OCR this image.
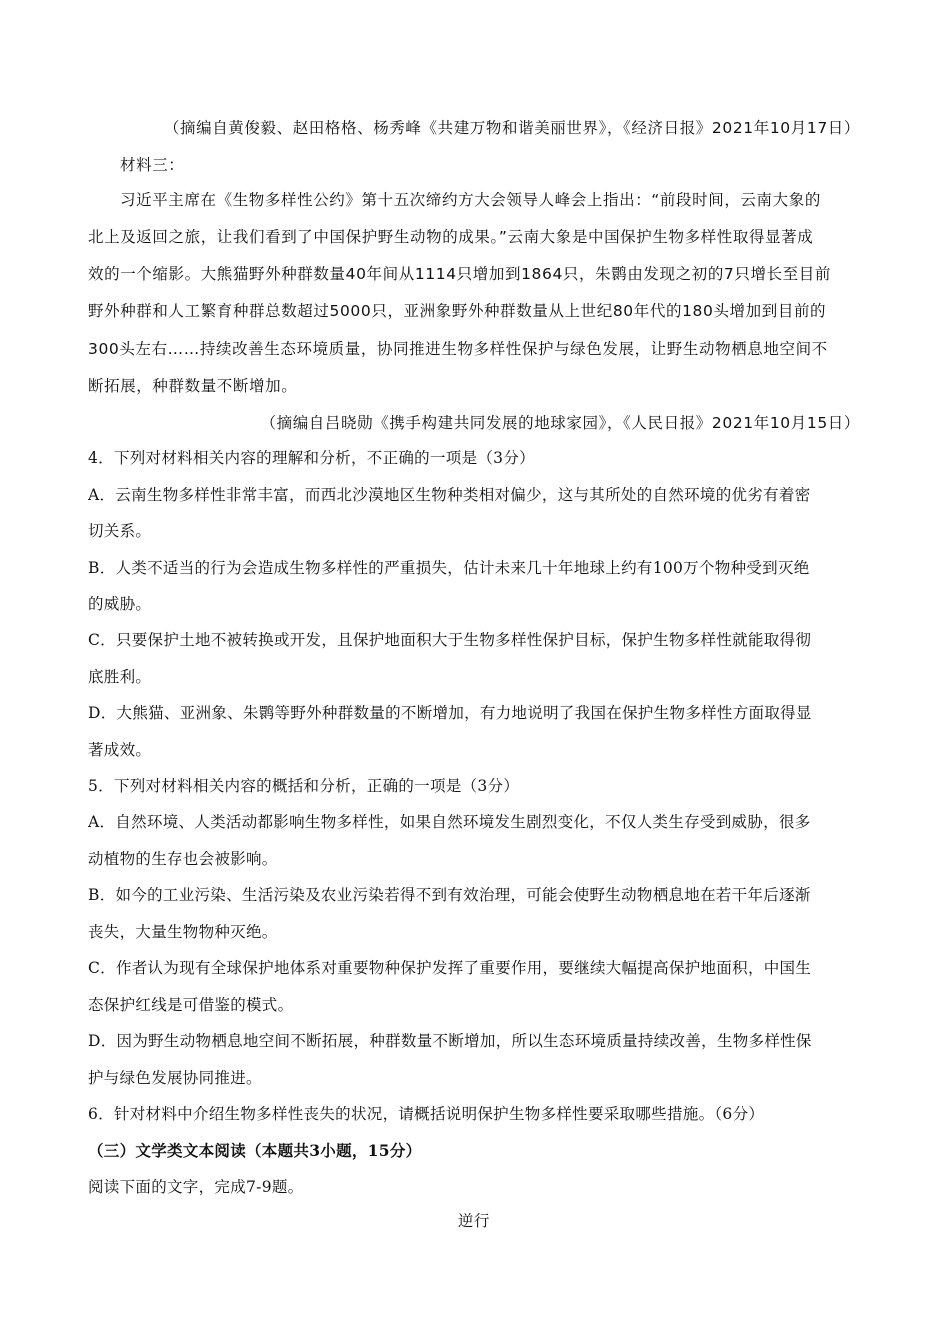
（摘编自黄俊毅、赵田格格、杨秀峰《共建万物和谐美丽世界》，《经济日报》2021年10月17日）
材料三：
习近平主席在《生物多样性公约》第十五次缔约方大会领导人峰会上指出：“前段时间，云南大象的
北上及返回之旅，让我们看到了中国保护野生动物的成果。”云南大象是中国保护生物多样性取得显著成
效的一个缩影。大熊猫野外种群数量40年间从1114只增加到1864只，朱鹮由发现之初的7只增长至目前
野外种群和人工繁育种群总数超过5000只，亚洲象野外种群数量从上世纪80年代的180头增加到目前的
300头左右……持续改善生态环境质量，协同推进生物多样性保护与绿色发展，让野生动物栖息地空间不
断拓展，种群数量不断增加。
（摘编自吕晓勋《携手构建共同发展的地球家园》，《人民日报》2021年10月15日）
4．下列对材料相关内容的理解和分析，不正确的一项是（3分）
A．云南生物多样性非常丰富，而西北沙漠地区生物种类相对偏少，这与其所处的自然环境的优劣有着密
切关系。
B．人类不适当的行为会造成生物多样性的严重损失，估计未来几十年地球上约有100万个物种受到灭绝
的威胁。
C．只要保护土地不被转换或开发，且保护地面积大于生物多样性保护目标，保护生物多样性就能取得彻
底胜利。
D．大熊猫、亚洲象、朱鹮等野外种群数量的不断增加，有力地说明了我国在保护生物多样性方面取得显
著成效。
5．下列对材料相关内容的概括和分析，正确的一项是（3分）
A．自然环境、人类活动都影响生物多样性，如果自然环境发生剧烈变化，不仅人类生存受到威胁，很多
动植物的生存也会被影响。
B．如今的工业污染、生活污染及农业污染若得不到有效治理，可能会使野生动物栖息地在若干年后逐渐
丧失，大量生物物种灭绝。
C．作者认为现有全球保护地体系对重要物种保护发挥了重要作用，要继续大幅提高保护地面积，中国生
态保护红线是可借鉴的模式。
D．因为野生动物栖息地空间不断拓展，种群数量不断增加，所以生态环境质量持续改善，生物多样性保
护与绿色发展协同推进。
6．针对材料中介绍生物多样性丧失的状况，请概括说明保护生物多样性要采取哪些措施。（6分）
（三）文学类文本阅读（本题共3小题，15分）
阅读下面的文字，完成7-9题。
逆行
